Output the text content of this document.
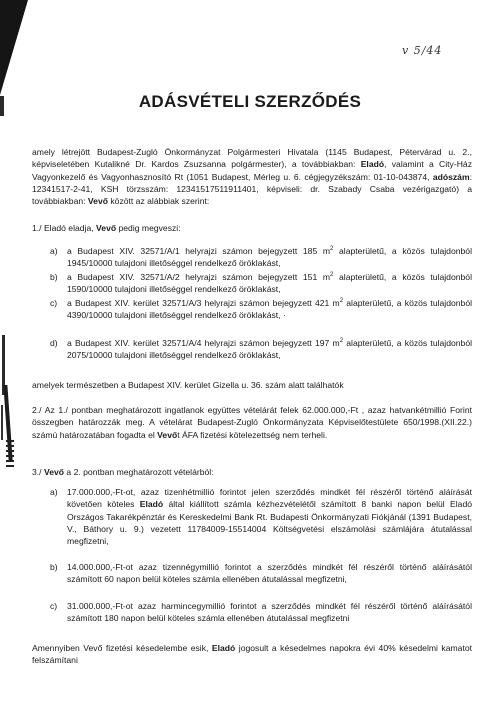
v 5/44
ADÁSVÉTELI SZERZŐDÉS
amely létrejött Budapest-Zugló Önkormányzat Polgármesteri Hivatala (1145 Budapest, Pétervárad u. 2., képviseletében Kutalikné Dr. Kardos Zsuzsanna polgármester), a továbbiakban: Eladó, valamint a City-Ház Vagyonkezelő és Vagyonhasznosító Rt (1051 Budapest, Mérleg u. 6. cégjegyzékszám: 01-10-043874, adószám: 12341517-2-41, KSH törzsszám: 12341517511911401, képviseli: dr. Szabady Csaba vezérigazgató) a továbbiakban: Vevő között az alábbiak szerint:
1./ Eladó eladja, Vevő pedig megveszi:
a) a Budapest XIV. 32571/A/1 helyrajzi számon bejegyzett 185 $m^2$ alapterületű, a közös tulajdonból 1945/10000 tulajdoni illetőséggel rendelkező öröklakást,
b) a Budapest XIV. 32571/A/2 helyrajzi számon bejegyzett 151 $m^2$ alapterületű, a közös tulajdonból 1590/10000 tulajdoni illetőséggel rendelkező öröklakást,
c) a Budapest XIV. kerület 32571/A/3 helyrajzi számon bejegyzett 421 $m^2$ alapterületű, a közös tulajdonból 4390/10000 tulajdoni illetőséggel rendelkező öröklakást, ·
d) a Budapest XIV. kerület 32571/A/4 helyrajzi számon bejegyzett 197 $m^2$ alapterületű, a közös tulajdonból 2075/10000 tulajdoni illetőséggel rendelkező öröklakást,
amelyek természetben a Budapest XIV. kerület Gizella u. 36. szám alatt találhatók
2./ Az 1./ pontban meghatározott ingatlanok együttes vételárát felek 62.000.000,-Ft , azaz hatvankétmillió Forint összegben határozzák meg. A vételárat Budapest-Zugló Önkormányzata Képviselőtestülete 650/1998.(XII.22.) számú határozatában fogadta el Vevőt ÁFA fizetési kötelezettség nem terheli.
3./ Vevő a 2. pontban meghatározott vételárból:
a) 17.000.000,-Ft-ot, azaz tizenhétmillió forintot jelen szerződés mindkét fél részéről történő aláírását követően köteles Eladó által kiállított számla kézhezvételétől számított 8 banki napon belül Eladó Országos Takarékpénztár és Kereskedelmi Bank Rt. Budapesti Önkormányzati Fiókjánál (1391 Budapest, V., Báthory u. 9.) vezetett 11784009-15514004 Költségvetési elszámolási számlájára átutalással megfizetni,
b) 14.000.000,-Ft-ot azaz tizennégymillió forintot a szerződés mindkét fél részéről történő aláírásától számított 60 napon belül köteles számla ellenében átutalással megfizetni,
c) 31.000.000,-Ft-ot azaz harmincegymillió forintot a szerződés mindkét fél részéről történő aláírásától számított 180 napon belül köteles számla ellenében átutalással megfizetni
Amennyiben Vevő fizetési késedelembe esik, Eladó jogosult a késedelmes napokra évi 40% késedelmi kamatot felszámítani
